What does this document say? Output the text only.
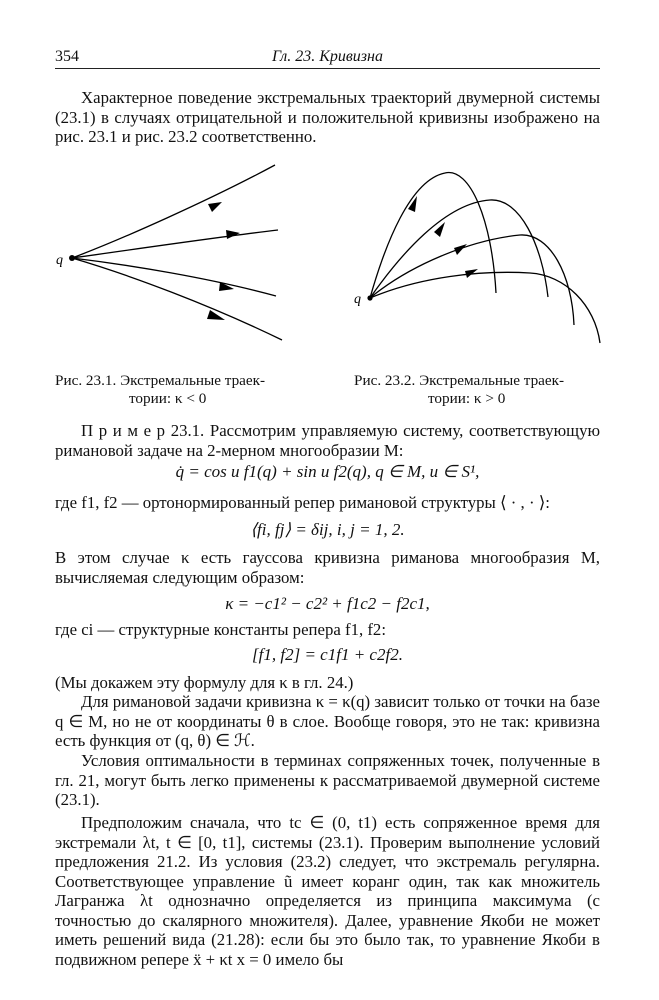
354	Гл. 23. Кривизна

Характерное поведение экстремальных траекторий двумерной системы (23.1) в случаях отрицательной и положительной кривизны изображено на рис. 23.1 и рис. 23.2 соответственно.

q
q
Рис. 23.1. Экстремальные траек-
тории: κ < 0
Рис. 23.2. Экстремальные траек-
тории: κ > 0

П р и м е р 23.1. Рассмотрим управляемую систему, соответствующую римановой задаче на 2-мерном многообразии M:

q̇ = cos u f1(q) + sin u f2(q), q ∈ M, u ∈ S¹,

где f1, f2 — ортонормированный репер римановой структуры ⟨ · , · ⟩:

⟨fi, fj⟩ = δij, i, j = 1, 2.

В этом случае κ есть гауссова кривизна риманова многообразия M, вычисляемая следующим образом:

κ = −c1² − c2² + f1c2 − f2c1,

где ci — структурные константы репера f1, f2:

[f1, f2] = c1f1 + c2f2.

(Мы докажем эту формулу для κ в гл. 24.)

Для римановой задачи кривизна κ = κ(q) зависит только от точки на базе q ∈ M, но не от координаты θ в слое. Вообще говоря, это не так: кривизна есть функция от (q, θ) ∈ ℋ.

Условия оптимальности в терминах сопряженных точек, полученные в гл. 21, могут быть легко применены к рассматриваемой двумерной системе (23.1).

Предположим сначала, что tc ∈ (0, t1) есть сопряженное время для экстремали λt, t ∈ [0, t1], системы (23.1). Проверим выполнение условий предложения 21.2. Из условия (23.2) следует, что экстремаль регулярна. Соответствующее управление ũ имеет коранг один, так как множитель Лагранжа λt однозначно определяется из принципа максимума (с точностью до скалярного множителя). Далее, уравнение Якоби не может иметь решений вида (21.28): если бы это было так, то уравнение Якоби в подвижном репере ẍ + κt x = 0 имело бы
